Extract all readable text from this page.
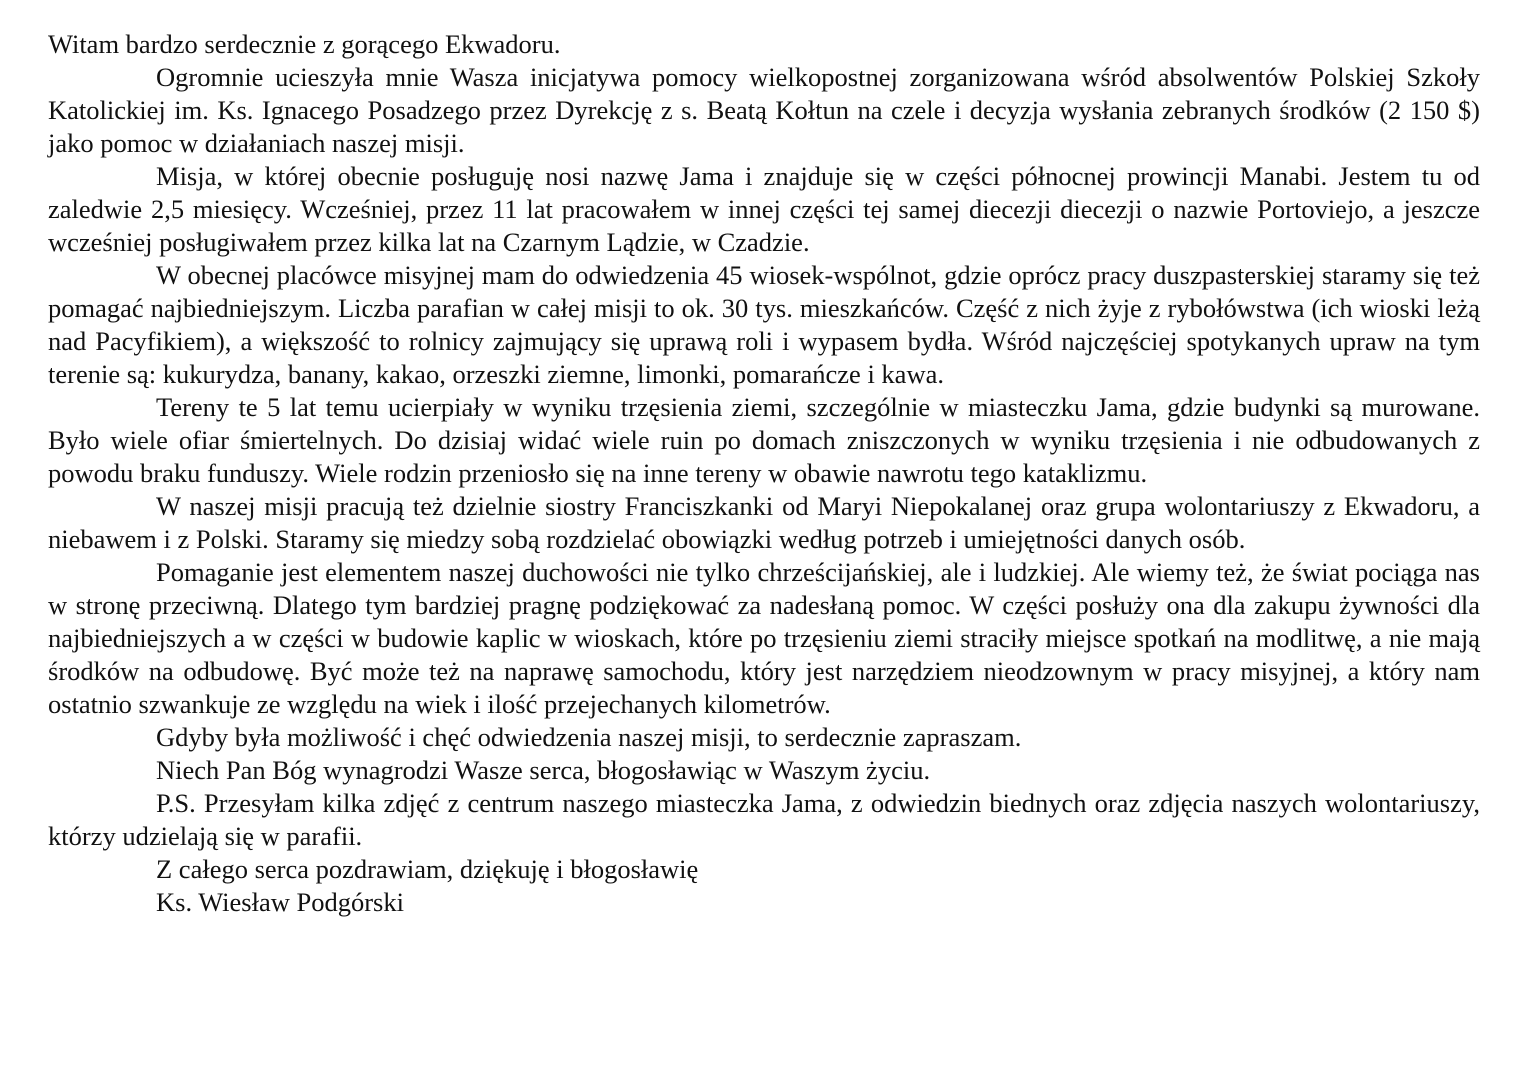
Witam bardzo serdecznie z gorącego Ekwadoru.

Ogromnie ucieszyła mnie Wasza inicjatywa pomocy wielkopostnej zorganizowana wśród absolwentów Polskiej Szkoły Katolickiej im. Ks. Ignacego Posadzego przez Dyrekcję z s. Beatą Kołtun na czele i decyzja wysłania zebranych środków (2 150 $) jako pomoc w działaniach naszej misji.

Misja, w której obecnie posługuję nosi nazwę Jama i znajduje się w części północnej prowincji Manabi. Jestem tu od zaledwie 2,5 miesięcy. Wcześniej, przez 11 lat pracowałem w innej części tej samej diecezji diecezji o nazwie Portoviejo, a jeszcze wcześniej posługiwałem przez kilka lat na Czarnym Lądzie, w Czadzie.

W obecnej placówce misyjnej mam do odwiedzenia 45 wiosek-wspólnot, gdzie oprócz pracy duszpasterskiej staramy się też pomagać najbiedniejszym. Liczba parafian w całej misji to ok. 30 tys. mieszkańców. Część z nich żyje z rybołówstwa (ich wioski leżą nad Pacyfikiem), a większość to rolnicy zajmujący się uprawą roli i wypasem bydła. Wśród najczęściej spotykanych upraw na tym terenie są: kukurydza, banany, kakao, orzeszki ziemne, limonki, pomarańcze i kawa.

Tereny te 5 lat temu ucierpiały w wyniku trzęsienia ziemi, szczególnie w miasteczku Jama, gdzie budynki są murowane. Było wiele ofiar śmiertelnych. Do dzisiaj widać wiele ruin po domach zniszczonych w wyniku trzęsienia i nie odbudowanych z powodu braku funduszy. Wiele rodzin przeniosło się na inne tereny w obawie nawrotu tego kataklizmu.

W naszej misji pracują też dzielnie siostry Franciszkanki od Maryi Niepokalanej oraz grupa wolontariuszy z Ekwadoru, a niebawem i z Polski. Staramy się miedzy sobą rozdzielać obowiązki według potrzeb i umiejętności danych osób.

Pomaganie jest elementem naszej duchowości nie tylko chrześcijańskiej, ale i ludzkiej. Ale wiemy też, że świat pociąga nas w stronę przeciwną. Dlatego tym bardziej pragnę podziękować za nadesłaną pomoc. W części posłuży ona dla zakupu żywności dla najbiedniejszych a w części w budowie kaplic w wioskach, które po trzęsieniu ziemi straciły miejsce spotkań na modlitwę, a nie mają środków na odbudowę. Być może też na naprawę samochodu, który jest narzędziem nieodzownym w pracy misyjnej, a który nam ostatnio szwankuje ze względu na wiek i ilość przejechanych kilometrów.

Gdyby była możliwość i chęć odwiedzenia naszej misji, to serdecznie zapraszam.

Niech Pan Bóg wynagrodzi Wasze serca, błogosławiąc w Waszym życiu.

P.S. Przesyłam kilka zdjęć z centrum naszego miasteczka Jama, z odwiedzin biednych oraz zdjęcia naszych wolontariuszy, którzy udzielają się w parafii.

Z całego serca pozdrawiam, dziękuję i błogosławię

Ks. Wiesław Podgórski
